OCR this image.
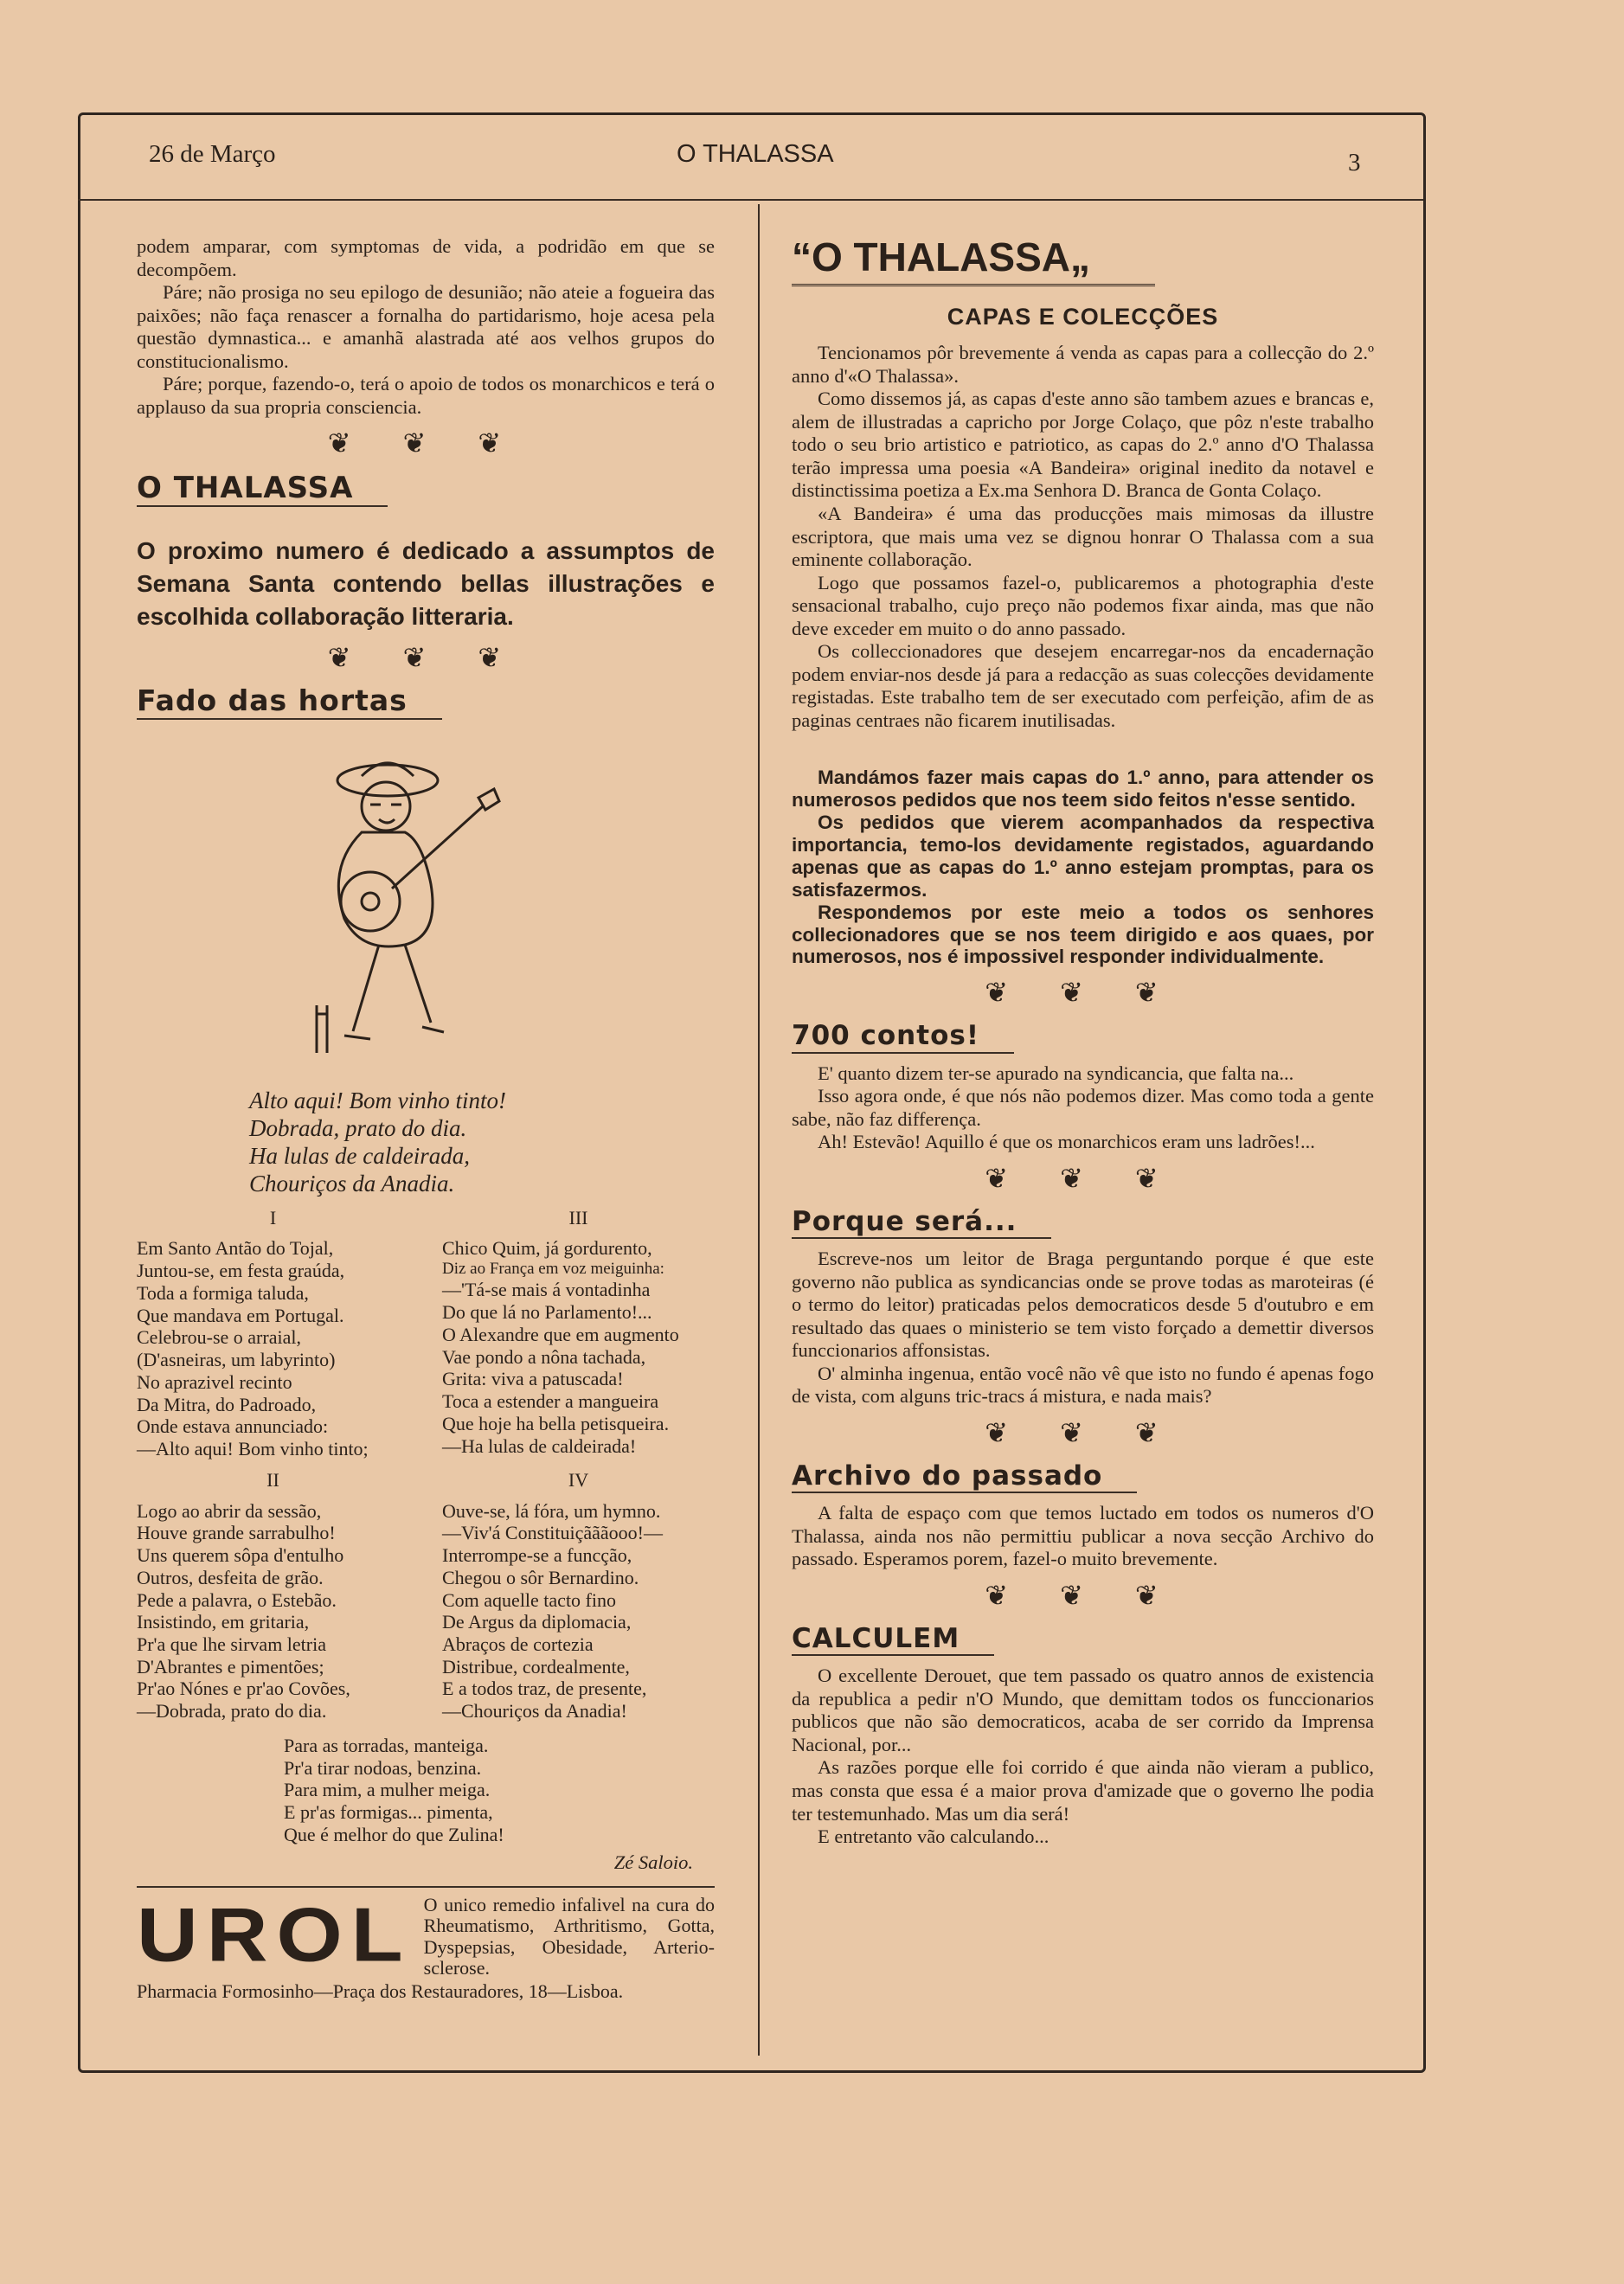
26 de Março	O THALASSA	3

podem amparar, com symptomas de vida, a podridão em que se decompõem.

Páre; não prosiga no seu epilogo de desunião; não ateie a fogueira das paixões; não faça renascer a fornalha do partidarismo, hoje acesa pela questão dymnastica... e amanhã alastrada até aos velhos grupos do constitucionalismo.

Páre; porque, fazendo-o, terá o apoio de todos os monarchicos e terá o applauso da sua propria consciencia.

❦ ❦ ❦
O THALASSA
O proximo numero é dedicado a assumptos de Semana Santa contendo bellas illustrações e escolhida collaboração litteraria.
❦ ❦ ❦
Fado das hortas
Alto aqui! Bom vinho tinto!
Dobrada, prato do dia.
Ha lulas de caldeirada,
Chouriços da Anadia.
I
Em Santo Antão do Tojal,
Juntou-se, em festa graúda,
Toda a formiga taluda,
Que mandava em Portugal.
Celebrou-se o arraial,
(D'asneiras, um labyrinto)
No aprazivel recinto
Da Mitra, do Padroado,
Onde estava annunciado:
—Alto aqui! Bom vinho tinto;
III
Chico Quim, já gordurento,
Diz ao França em voz meiguinha:
—'Tá-se mais á vontadinha
Do que lá no Parlamento!...
O Alexandre que em augmento
Vae pondo a nôna tachada,
Grita: viva a patuscada!
Toca a estender a mangueira
Que hoje ha bella petisqueira.
—Ha lulas de caldeirada!
II
Logo ao abrir da sessão,
Houve grande sarrabulho!
Uns querem sôpa d'entulho
Outros, desfeita de grão.
Pede a palavra, o Estebão.
Insistindo, em gritaria,
Pr'a que lhe sirvam letria
D'Abrantes e pimentões;
Pr'ao Nónes e pr'ao Covões,
—Dobrada, prato do dia.
IV
Ouve-se, lá fóra, um hymno.
—Viv'á Constituiçãããooo!—
Interrompe-se a funcção,
Chegou o sôr Bernardino.
Com aquelle tacto fino
De Argus da diplomacia,
Abraços de cortezia
Distribue, cordealmente,
E a todos traz, de presente,
—Chouriços da Anadia!
Para as torradas, manteiga.
Pr'a tirar nodoas, benzina.
Para mim, a mulher meiga.
E pr'as formigas... pimenta,
Que é melhor do que Zulina!
Zé Saloio.
UROL O unico remedio infalivel na cura do Rheumatismo, Arthritismo, Gotta, Dyspepsias, Obesidade, Arterio-sclerose.

Pharmacia Formosinho—Praça dos Restauradores, 18—Lisboa.
“O THALASSA„
CAPAS E COLECÇÕES

Tencionamos pôr brevemente á venda as capas para a collecção do 2.º anno d'«O Thalassa».

Como dissemos já, as capas d'este anno são tambem azues e brancas e, alem de illustradas a capricho por Jorge Colaço, que pôz n'este trabalho todo o seu brio artistico e patriotico, as capas do 2.º anno d'O Thalassa terão impressa uma poesia «A Bandeira» original inedito da notavel e distinctissima poetiza a Ex.ma Senhora D. Branca de Gonta Colaço.

«A Bandeira» é uma das producções mais mimosas da illustre escriptora, que mais uma vez se dignou honrar O Thalassa com a sua eminente collaboração.

Logo que possamos fazel-o, publicaremos a photographia d'este sensacional trabalho, cujo preço não podemos fixar ainda, mas que não deve exceder em muito o do anno passado.

Os colleccionadores que desejem encarregar-nos da encadernação podem enviar-nos desde já para a redacção as suas colecções devidamente registadas. Este trabalho tem de ser executado com perfeição, afim de as paginas centraes não ficarem inutilisadas.

Mandámos fazer mais capas do 1.º anno, para attender os numerosos pedidos que nos teem sido feitos n'esse sentido.

Os pedidos que vierem acompanhados da respectiva importancia, temo-los devidamente registados, aguardando apenas que as capas do 1.º anno estejam promptas, para os satisfazermos.

Respondemos por este meio a todos os senhores collecionadores que se nos teem dirigido e aos quaes, por numerosos, nos é impossivel responder individualmente.

❦ ❦ ❦
700 contos!

E' quanto dizem ter-se apurado na syndicancia, que falta na...

Isso agora onde, é que nós não podemos dizer. Mas como toda a gente sabe, não faz differença.

Ah! Estevão! Aquillo é que os monarchicos eram uns ladrões!...

❦ ❦ ❦
Porque será...

Escreve-nos um leitor de Braga perguntando porque é que este governo não publica as syndicancias onde se prove todas as maroteiras (é o termo do leitor) praticadas pelos democraticos desde 5 d'outubro e em resultado das quaes o ministerio se tem visto forçado a demettir diversos funccionarios affonsistas.

O' alminha ingenua, então você não vê que isto no fundo é apenas fogo de vista, com alguns tric-tracs á mistura, e nada mais?

❦ ❦ ❦
Archivo do passado

A falta de espaço com que temos luctado em todos os numeros d'O Thalassa, ainda nos não permittiu publicar a nova secção Archivo do passado. Esperamos porem, fazel-o muito brevemente.

❦ ❦ ❦
CALCULEM

O excellente Derouet, que tem passado os quatro annos de existencia da republica a pedir n'O Mundo, que demittam todos os funccionarios publicos que não são democraticos, acaba de ser corrido da Imprensa Nacional, por...

As razões porque elle foi corrido é que ainda não vieram a publico, mas consta que essa é a maior prova d'amizade que o governo lhe podia ter testemunhado. Mas um dia será!

E entretanto vão calculando...
